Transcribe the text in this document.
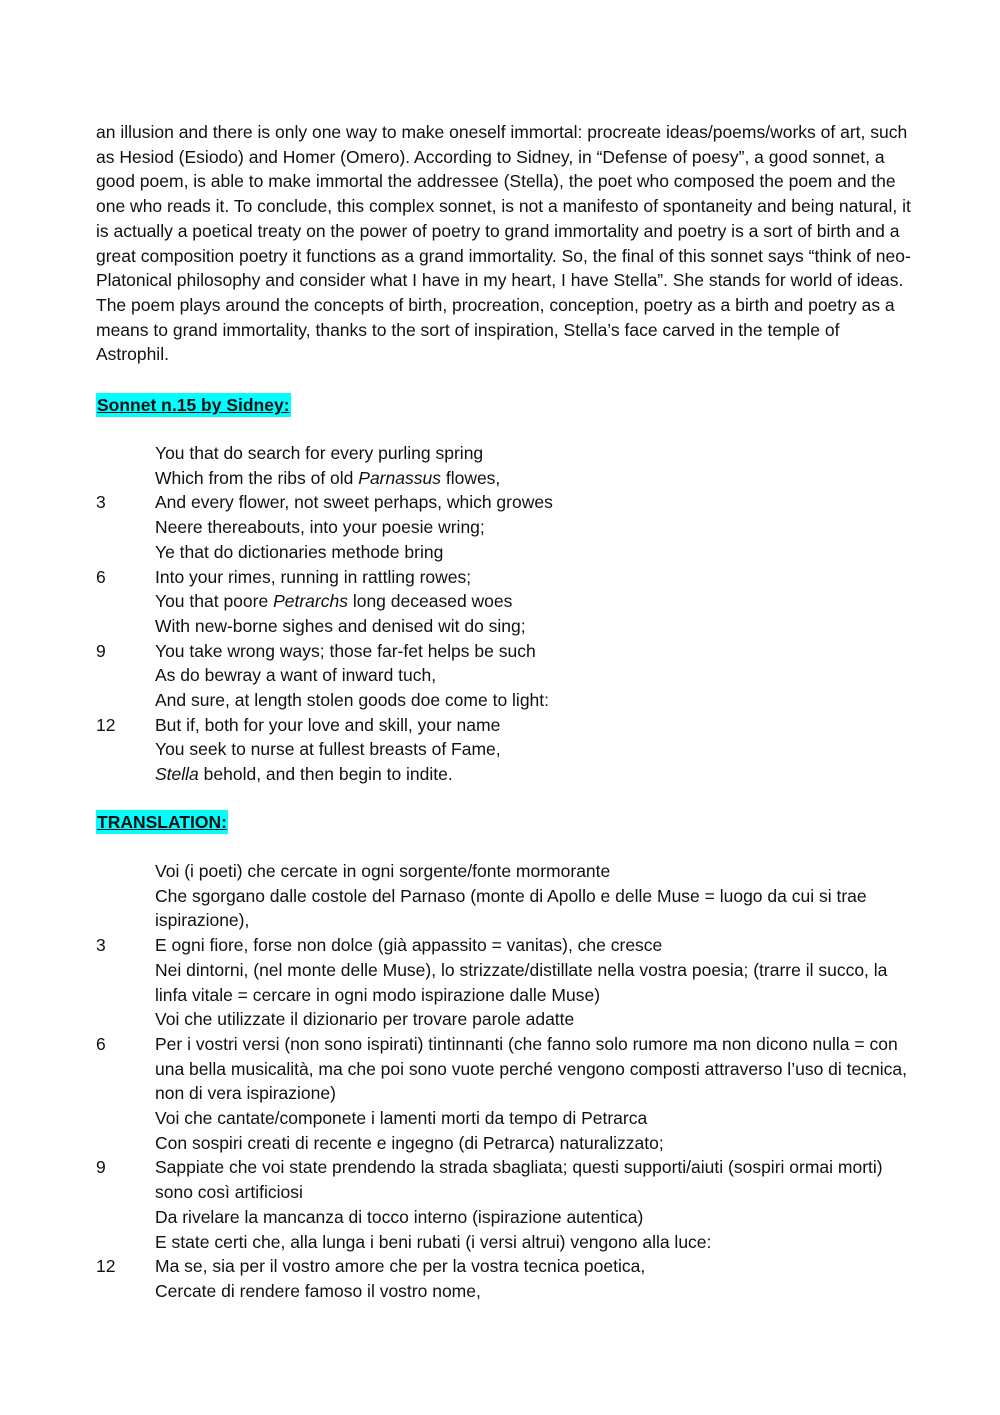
an illusion and there is only one way to make oneself immortal: procreate ideas/poems/works of art, such as Hesiod (Esiodo) and Homer (Omero). According to Sidney, in “Defense of poesy”, a good sonnet, a good poem, is able to make immortal the addressee (Stella), the poet who composed the poem and the one who reads it. To conclude, this complex sonnet, is not a manifesto of spontaneity and being natural, it is actually a poetical treaty on the power of poetry to grand immortality and poetry is a sort of birth and a great composition poetry it functions as a grand immortality. So, the final of this sonnet says “think of neo-Platonical philosophy and consider what I have in my heart, I have Stella”. She stands for world of ideas. The poem plays around the concepts of birth, procreation, conception, poetry as a birth and poetry as a means to grand immortality, thanks to the sort of inspiration, Stella’s face carved in the temple of Astrophil.

Sonnet n.15 by Sidney:
You that do search for every purling spring
Which from the ribs of old Parnassus flowes,
3	And every flower, not sweet perhaps, which growes
Neere thereabouts, into your poesie wring;
Ye that do dictionaries methode bring
6	Into your rimes, running in rattling rowes;
You that poore Petrarchs long deceased woes
With new-borne sighes and denised wit do sing;
9	You take wrong ways; those far-fet helps be such
As do bewray a want of inward tuch,
And sure, at length stolen goods doe come to light:
12	But if, both for your love and skill, your name
You seek to nurse at fullest breasts of Fame,
Stella behold, and then begin to indite.
TRANSLATION:
Voi (i poeti) che cercate in ogni sorgente/fonte mormorante
Che sgorgano dalle costole del Parnaso (monte di Apollo e delle Muse = luogo da cui si trae ispirazione),
3	E ogni fiore, forse non dolce (già appassito = vanitas), che cresce
Nei dintorni, (nel monte delle Muse), lo strizzate/distillate nella vostra poesia; (trarre il succo, la linfa vitale = cercare in ogni modo ispirazione dalle Muse)
Voi che utilizzate il dizionario per trovare parole adatte
6	Per i vostri versi (non sono ispirati) tintinnanti (che fanno solo rumore ma non dicono nulla = con una bella musicalità, ma che poi sono vuote perché vengono composti attraverso l’uso di tecnica, non di vera ispirazione)
Voi che cantate/componete i lamenti morti da tempo di Petrarca
Con sospiri creati di recente e ingegno (di Petrarca) naturalizzato;
9	Sappiate che voi state prendendo la strada sbagliata; questi supporti/aiuti (sospiri ormai morti) sono così artificiosi
Da rivelare la mancanza di tocco interno (ispirazione autentica)
E state certi che, alla lunga i beni rubati (i versi altrui) vengono alla luce:
12	Ma se, sia per il vostro amore che per la vostra tecnica poetica,
Cercate di rendere famoso il vostro nome,
